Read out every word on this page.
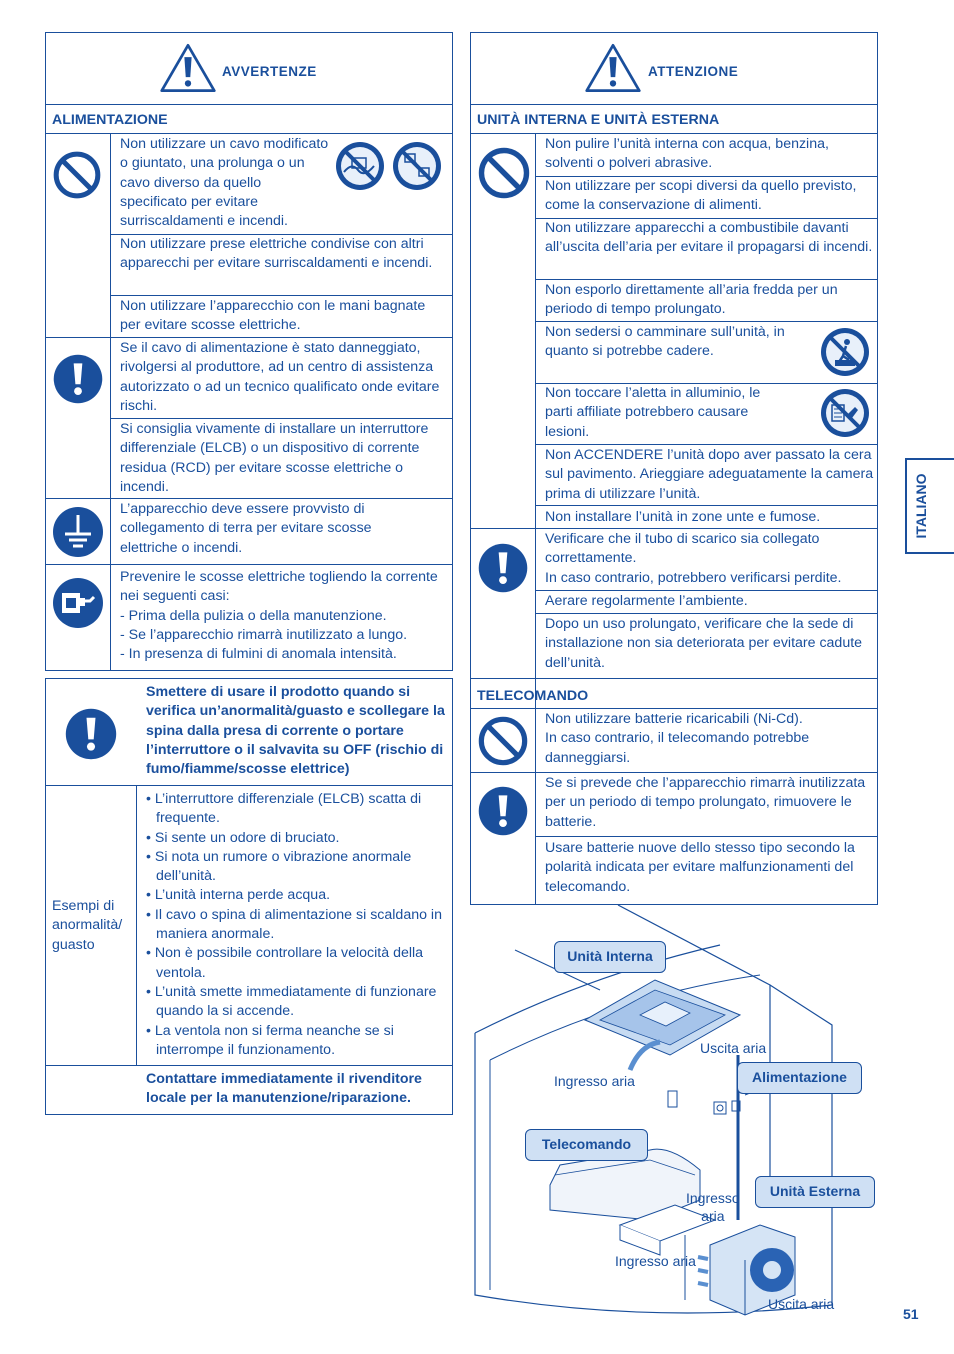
AVVERTENZE
ALIMENTAZIONE
Non utilizzare un cavo modificato o giuntato, una prolunga o un cavo diverso da quello specificato per evitare surriscaldamenti e incendi.
Non utilizzare prese elettriche condivise con altri apparecchi per evitare surriscaldamenti e incendi.
Non utilizzare l’apparecchio con le mani bagnate per evitare scosse elettriche.
Se il cavo di alimentazione è stato danneggiato, rivolgersi al produttore, ad un centro di assistenza autorizzato o ad un tecnico qualificato onde evitare rischi.
Si consiglia vivamente di installare un interruttore differenziale (ELCB) o un dispositivo di corrente residua (RCD) per evitare scosse elettriche o incendi.
L’apparecchio deve essere provvisto di collegamento di terra per evitare scosse elettriche o incendi.
Prevenire le scosse elettriche togliendo la corrente nei seguenti casi:
- Prima della pulizia o della manutenzione.
- Se l’apparecchio rimarrà inutilizzato a lungo.
- In presenza di fulmini di anomala intensità.
Smettere di usare il prodotto quando si verifica un’anormalità/guasto e scollegare la spina dalla presa di corrente o portare l’interruttore o il salvavita su OFF (rischio di fumo/fiamme/scosse elettrice)
Esempi di anormalità/ guasto
• L’interruttore differenziale (ELCB) scatta di frequente.
• Si sente un odore di bruciato.
• Si nota un rumore o vibrazione anormale dell’unità.
• L’unità interna perde acqua.
• Il cavo o spina di alimentazione si scaldano in maniera anormale.
• Non è possibile controllare la velocità della ventola.
• L’unità smette immediatamente di funzionare quando la si accende.
• La ventola non si ferma neanche se si interrompe il funzionamento.
Contattare immediatamente il rivenditore locale per la manutenzione/riparazione.
ATTENZIONE
UNITÀ INTERNA E UNITÀ ESTERNA
Non pulire l’unità interna con acqua, benzina, solventi o polveri abrasive.
Non utilizzare per scopi diversi da quello previsto, come la conservazione di alimenti.
Non utilizzare apparecchi a combustibile davanti all’uscita dell’aria per evitare il propagarsi di incendi.
Non esporlo direttamente all’aria fredda per un periodo di tempo prolungato.
Non sedersi o camminare sull’unità, in quanto si potrebbe cadere.
Non toccare l’aletta in alluminio, le parti affiliate potrebbero causare lesioni.
Non ACCENDERE l’unità dopo aver passato la cera sul pavimento. Arieggiare adeguatamente la camera prima di utilizzare l’unità.
Non installare l’unità in zone unte e fumose.
Verificare che il tubo di scarico sia collegato correttamente.
In caso contrario, potrebbero verificarsi perdite.
Aerare regolarmente l’ambiente.
Dopo un uso prolungato, verificare che la sede di installazione non sia deteriorata per evitare cadute dell’unità.
TELECOMANDO
Non utilizzare batterie ricaricabili (Ni-Cd).
In caso contrario, il telecomando potrebbe danneggiarsi.
Se si prevede che l’apparecchio rimarrà inutilizzata per un periodo di tempo prolungato, rimuovere le batterie.
Usare batterie nuove dello stesso tipo secondo la polarità indicata per evitare malfunzionamenti del telecomando.
Unità Interna
Alimentazione
Telecomando
Unità Esterna
Uscita aria
Ingresso aria
Ingresso
aria
Ingresso aria
Uscita aria
ITALIANO
51
